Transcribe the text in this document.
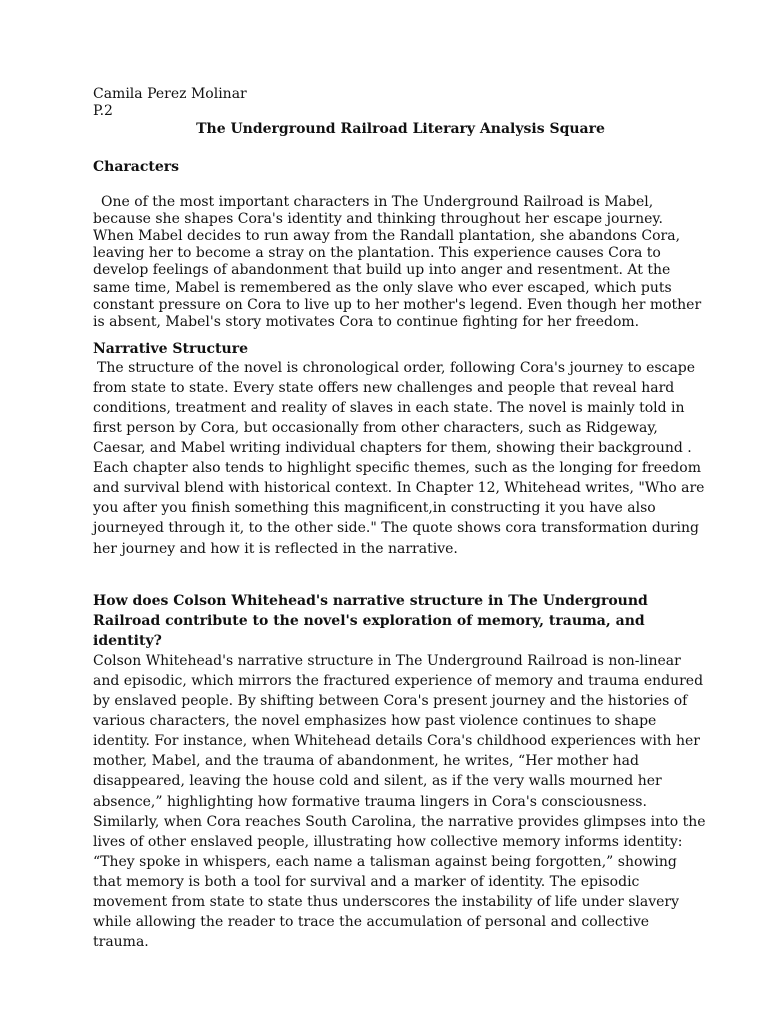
Camila Perez Molinar

P.2

The Underground Railroad Literary Analysis Square

Characters

One of the most important characters in The Underground Railroad is Mabel, because she shapes Cora's identity and thinking throughout her escape journey. When Mabel decides to run away from the Randall plantation, she abandons Cora, leaving her to become a stray on the plantation. This experience causes Cora to develop feelings of abandonment that build up into anger and resentment. At the same time, Mabel is remembered as the only slave who ever escaped, which puts constant pressure on Cora to live up to her mother's legend. Even though her mother is absent, Mabel's story motivates Cora to continue fighting for her freedom.

Narrative Structure

The structure of the novel is chronological order, following Cora's journey to escape from state to state. Every state offers new challenges and people that reveal hard conditions, treatment and reality of slaves in each state. The novel is mainly told in first person by Cora, but occasionally from other characters, such as Ridgeway, Caesar, and Mabel writing individual chapters for them, showing their background . Each chapter also tends to highlight specific themes, such as the longing for freedom and survival blend with historical context. In Chapter 12, Whitehead writes, "Who are you after you finish something this magnificent,in constructing it you have also journeyed through it, to the other side." The quote shows cora transformation during her journey and how it is reflected in the narrative.

How does Colson Whitehead's narrative structure in The Underground Railroad contribute to the novel's exploration of memory, trauma, and identity?

Colson Whitehead's narrative structure in The Underground Railroad is non-linear and episodic, which mirrors the fractured experience of memory and trauma endured by enslaved people. By shifting between Cora's present journey and the histories of various characters, the novel emphasizes how past violence continues to shape identity. For instance, when Whitehead details Cora's childhood experiences with her mother, Mabel, and the trauma of abandonment, he writes, “Her mother had disappeared, leaving the house cold and silent, as if the very walls mourned her absence,” highlighting how formative trauma lingers in Cora's consciousness. Similarly, when Cora reaches South Carolina, the narrative provides glimpses into the lives of other enslaved people, illustrating how collective memory informs identity: “They spoke in whispers, each name a talisman against being forgotten,” showing that memory is both a tool for survival and a marker of identity. The episodic movement from state to state thus underscores the instability of life under slavery while allowing the reader to trace the accumulation of personal and collective trauma.
